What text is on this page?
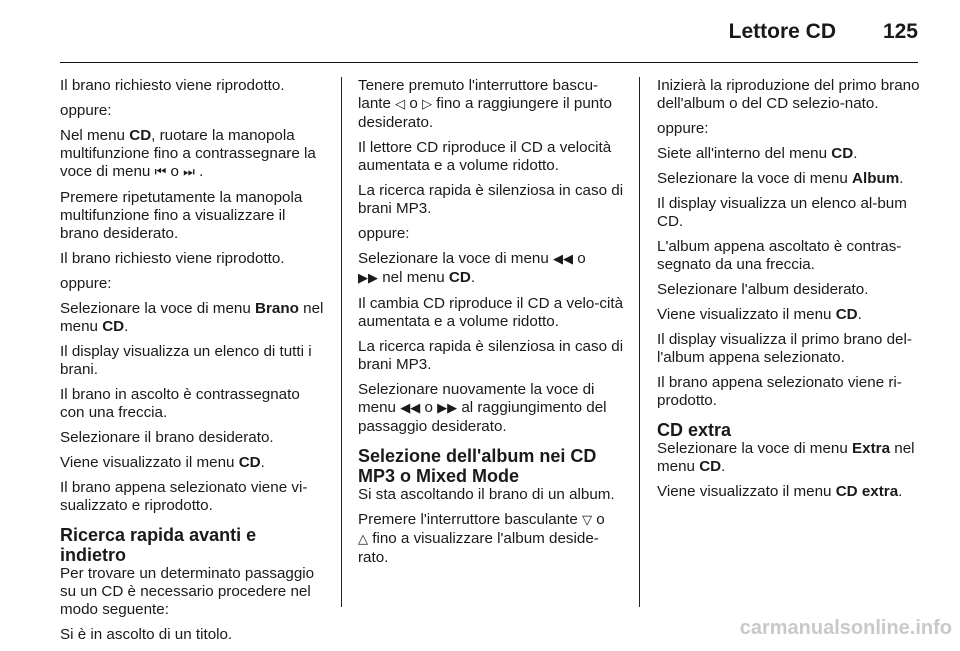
Lettore CD 125

Il brano richiesto viene riprodotto.

oppure:

Nel menu CD, ruotare la manopola multifunzione fino a contrassegnare la voce di menu ⏮ o ⏭ .

Premere ripetutamente la manopola multifunzione fino a visualizzare il brano desiderato.

Il brano richiesto viene riprodotto.

oppure:

Selezionare la voce di menu Brano nel menu CD.

Il display visualizza un elenco di tutti i brani.

Il brano in ascolto è contrassegnato con una freccia.

Selezionare il brano desiderato.

Viene visualizzato il menu CD.

Il brano appena selezionato viene vi-sualizzato e riprodotto.

Ricerca rapida avanti e indietro

Per trovare un determinato passaggio su un CD è necessario procedere nel modo seguente:

Si è in ascolto di un titolo.

Tenere premuto l'interruttore bascu-lante ◁ o ▷ fino a raggiungere il punto desiderato.

Il lettore CD riproduce il CD a velocità aumentata e a volume ridotto.

La ricerca rapida è silenziosa in caso di brani MP3.

oppure:

Selezionare la voce di menu ◀◀ o
▶▶ nel menu CD.

Il cambia CD riproduce il CD a velo-cità aumentata e a volume ridotto.

La ricerca rapida è silenziosa in caso di brani MP3.

Selezionare nuovamente la voce di menu ◀◀ o ▶▶ al raggiungimento del passaggio desiderato.

Selezione dell'album nei CD MP3 o Mixed Mode

Si sta ascoltando il brano di un album.

Premere l'interruttore basculante ▽ o
△ fino a visualizzare l'album deside-rato.

Inizierà la riproduzione del primo brano dell'album o del CD selezio-nato.

oppure:

Siete all'interno del menu CD.

Selezionare la voce di menu Album.

Il display visualizza un elenco al-bum CD.

L'album appena ascoltato è contras-segnato da una freccia.

Selezionare l'album desiderato.

Viene visualizzato il menu CD.

Il display visualizza il primo brano del-l'album appena selezionato.

Il brano appena selezionato viene ri-prodotto.

CD extra

Selezionare la voce di menu Extra nel menu CD.

Viene visualizzato il menu CD extra.

carmanualsonline.info
